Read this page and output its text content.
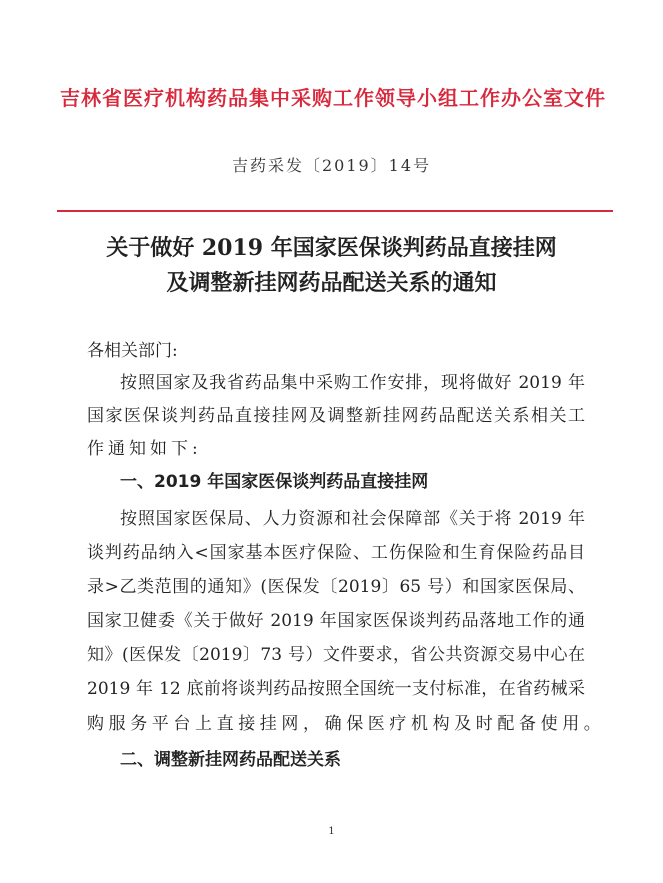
吉林省医疗机构药品集中采购工作领导小组工作办公室文件
吉药采发〔2019〕14号
关于做好 2019 年国家医保谈判药品直接挂网
及调整新挂网药品配送关系的通知
各相关部门:
按照国家及我省药品集中采购工作安排，现将做好 2019 年
国家医保谈判药品直接挂网及调整新挂网药品配送关系相关工
作通知如下:
一、2019 年国家医保谈判药品直接挂网
按照国家医保局、人力资源和社会保障部《关于将 2019 年
谈判药品纳入<国家基本医疗保险、工伤保险和生育保险药品目
录>乙类范围的通知》(医保发〔2019〕65 号）和国家医保局、
国家卫健委《关于做好 2019 年国家医保谈判药品落地工作的通
知》(医保发〔2019〕73 号）文件要求，省公共资源交易中心在
2019 年 12 底前将谈判药品按照全国统一支付标准，在省药械采
购服务平台上直接挂网，确保医疗机构及时配备使用。
二、调整新挂网药品配送关系
1
